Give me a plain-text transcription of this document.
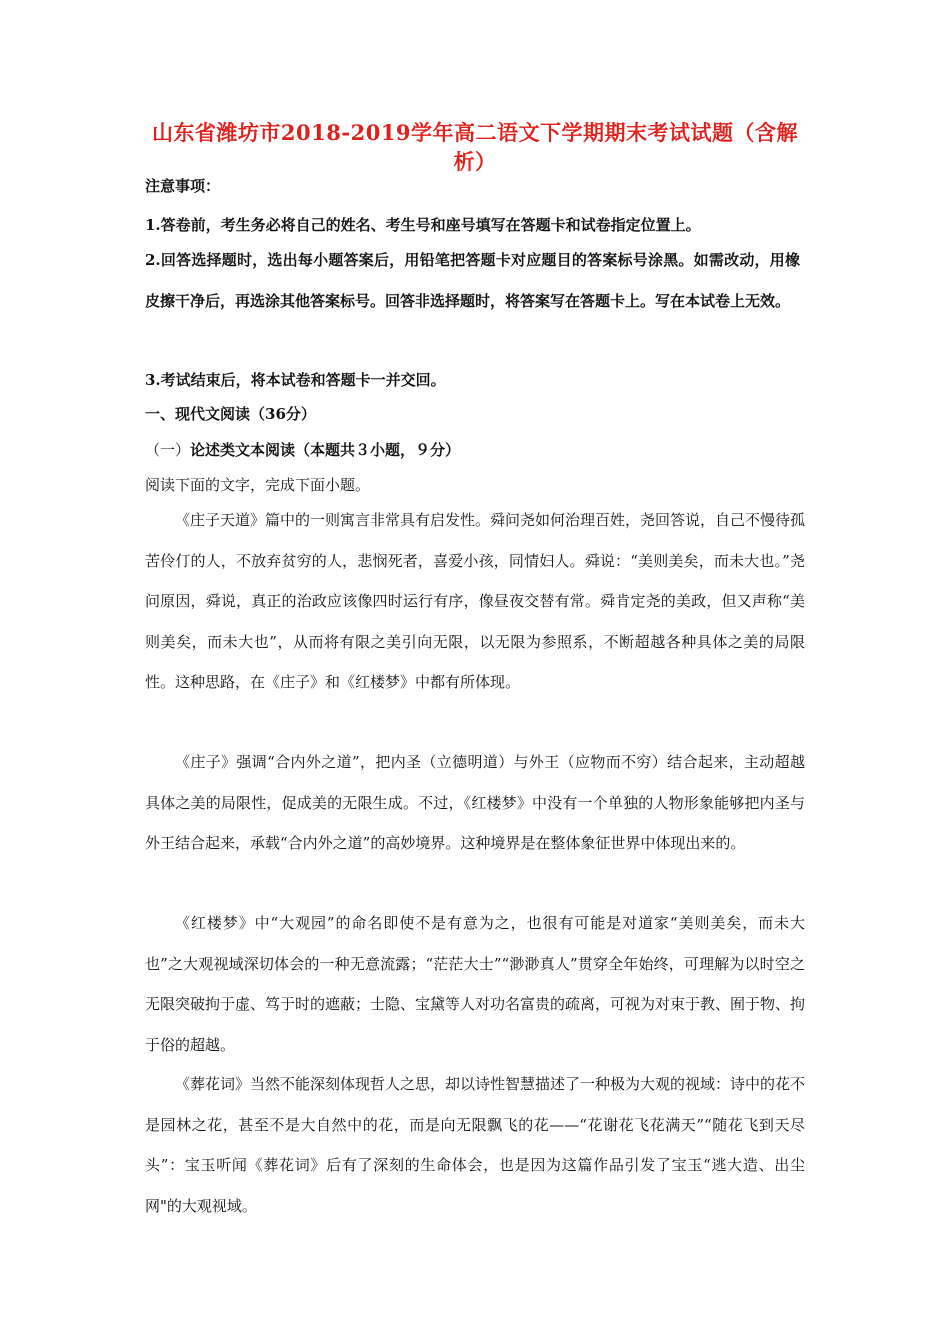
山东省潍坊市2018-2019学年高二语文下学期期末考试试题（含解析）
注意事项：
1.答卷前，考生务必将自己的姓名、考生号和座号填写在答题卡和试卷指定位置上。
2.回答选择题时，选出每小题答案后，用铅笔把答题卡对应题目的答案标号涂黑。如需改动，用橡皮擦干净后，再选涂其他答案标号。回答非选择题时，将答案写在答题卡上。写在本试卷上无效。
3.考试结束后，将本试卷和答题卡一并交回。
一、现代文阅读（36分）
（一）论述类文本阅读（本题共３小题，９分）
阅读下面的文字，完成下面小题。
《庄子天道》篇中的一则寓言非常具有启发性。舜问尧如何治理百姓，尧回答说，自己不慢待孤苦伶仃的人，不放弃贫穷的人，悲悯死者，喜爱小孩，同情妇人。舜说：“美则美矣，而未大也。”尧问原因，舜说，真正的治政应该像四时运行有序，像昼夜交替有常。舜肯定尧的美政，但又声称“美则美矣，而未大也”，从而将有限之美引向无限，以无限为参照系，不断超越各种具体之美的局限性。这种思路，在《庄子》和《红楼梦》中都有所体现。
《庄子》强调“合内外之道”，把内圣（立德明道）与外王（应物而不穷）结合起来，主动超越具体之美的局限性，促成美的无限生成。不过，《红楼梦》中没有一个单独的人物形象能够把内圣与外王结合起来，承载“合内外之道”的高妙境界。这种境界是在整体象征世界中体现出来的。
《红楼梦》中“大观园”的命名即使不是有意为之，也很有可能是对道家“美则美矣，而未大也”之大观视域深切体会的一种无意流露；“茫茫大士”“渺渺真人”贯穿全年始终，可理解为以时空之无限突破拘于虚、笃于时的遮蔽；士隐、宝黛等人对功名富贵的疏离，可视为对束于教、囿于物、拘于俗的超越。
《葬花词》当然不能深刻体现哲人之思，却以诗性智慧描述了一种极为大观的视域：诗中的花不是园林之花，甚至不是大自然中的花，而是向无限飘飞的花——“花谢花飞花满天”“随花飞到天尽头”：宝玉听闻《葬花词》后有了深刻的生命体会，也是因为这篇作品引发了宝玉“逃大造、出尘网"的大观视域。
